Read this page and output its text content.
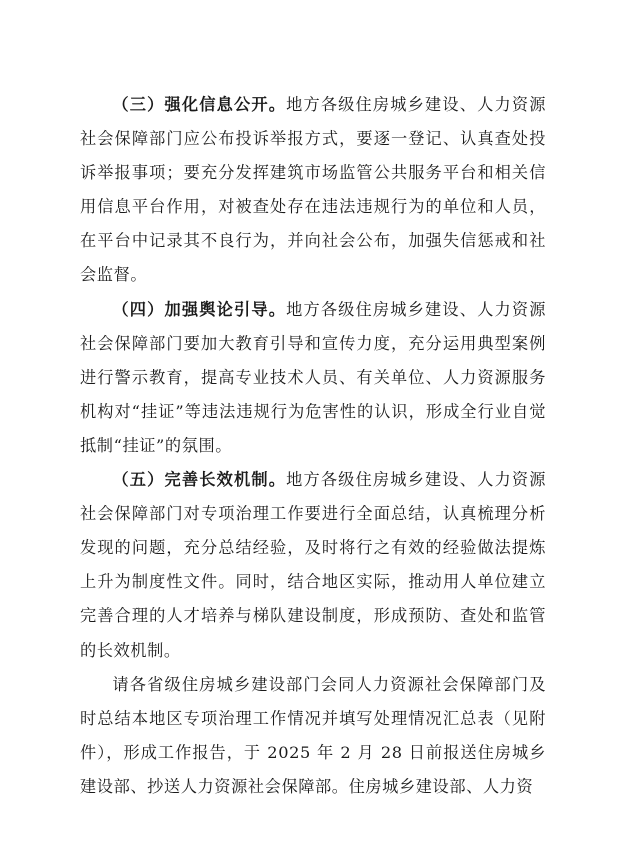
（三）强化信息公开。地方各级住房城乡建设、人力资源社会保障部门应公布投诉举报方式，要逐一登记、认真查处投诉举报事项；要充分发挥建筑市场监管公共服务平台和相关信用信息平台作用，对被查处存在违法违规行为的单位和人员，在平台中记录其不良行为，并向社会公布，加强失信惩戒和社会监督。

（四）加强舆论引导。地方各级住房城乡建设、人力资源社会保障部门要加大教育引导和宣传力度，充分运用典型案例进行警示教育，提高专业技术人员、有关单位、人力资源服务机构对“挂证”等违法违规行为危害性的认识，形成全行业自觉抵制“挂证”的氛围。

（五）完善长效机制。地方各级住房城乡建设、人力资源社会保障部门对专项治理工作要进行全面总结，认真梳理分析发现的问题，充分总结经验，及时将行之有效的经验做法提炼上升为制度性文件。同时，结合地区实际，推动用人单位建立完善合理的人才培养与梯队建设制度，形成预防、查处和监管的长效机制。

请各省级住房城乡建设部门会同人力资源社会保障部门及时总结本地区专项治理工作情况并填写处理情况汇总表（见附件），形成工作报告，于 2025 年 2 月 28 日前报送住房城乡建设部、抄送人力资源社会保障部。住房城乡建设部、人力资
